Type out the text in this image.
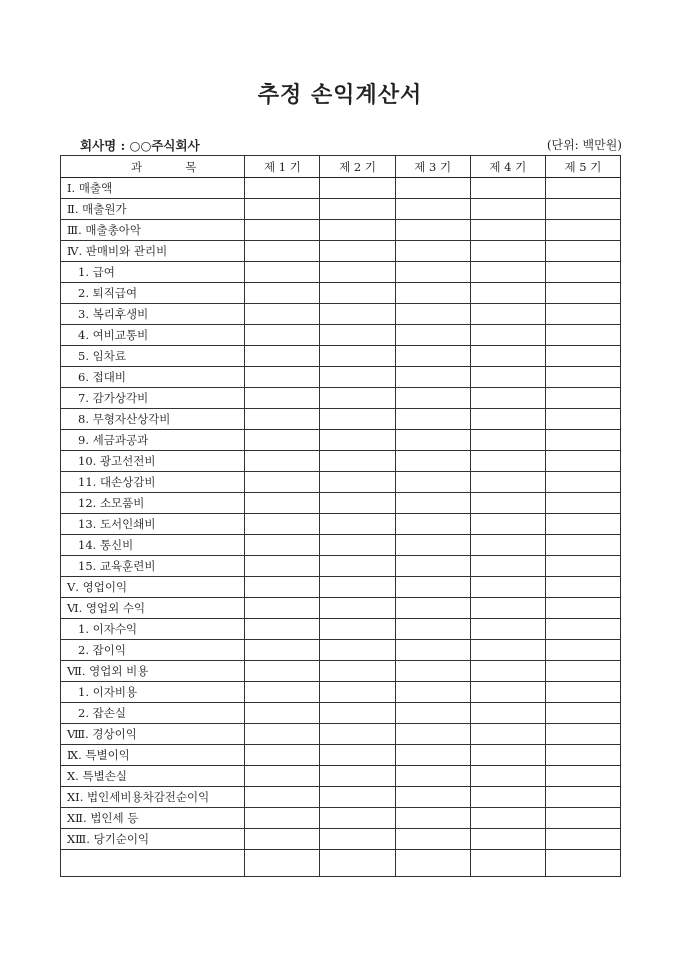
추정 손익계산서
회사명 : ○○주식회사	(단위: 백만원)
과 목	제 1 기	제 2 기	제 3 기	제 4 기	제 5 기
Ⅰ. 매출액					
Ⅱ. 매출원가					
Ⅲ. 매출총아악					
Ⅳ. 판매비와 관리비					
1. 급여					
2. 퇴직급여					
3. 복리후생비					
4. 여비교통비					
5. 임차료					
6. 접대비					
7. 감가상각비					
8. 무형자산상각비					
9. 세금과공과					
10. 광고선전비					
11. 대손상감비					
12. 소모품비					
13. 도서인쇄비					
14. 통신비					
15. 교육훈련비					
Ⅴ. 영업이익					
Ⅵ. 영업외 수익					
1. 이자수익					
2. 잡이익					
Ⅶ. 영업외 비용					
1. 이자비용					
2. 잡손실					
Ⅷ. 경상이익					
Ⅸ. 특별이익					
Ⅹ. 특별손실					
ⅩⅠ. 법인세비용차감전순이익					
ⅩⅡ. 법인세 등					
ⅩⅢ. 당기순이익					
